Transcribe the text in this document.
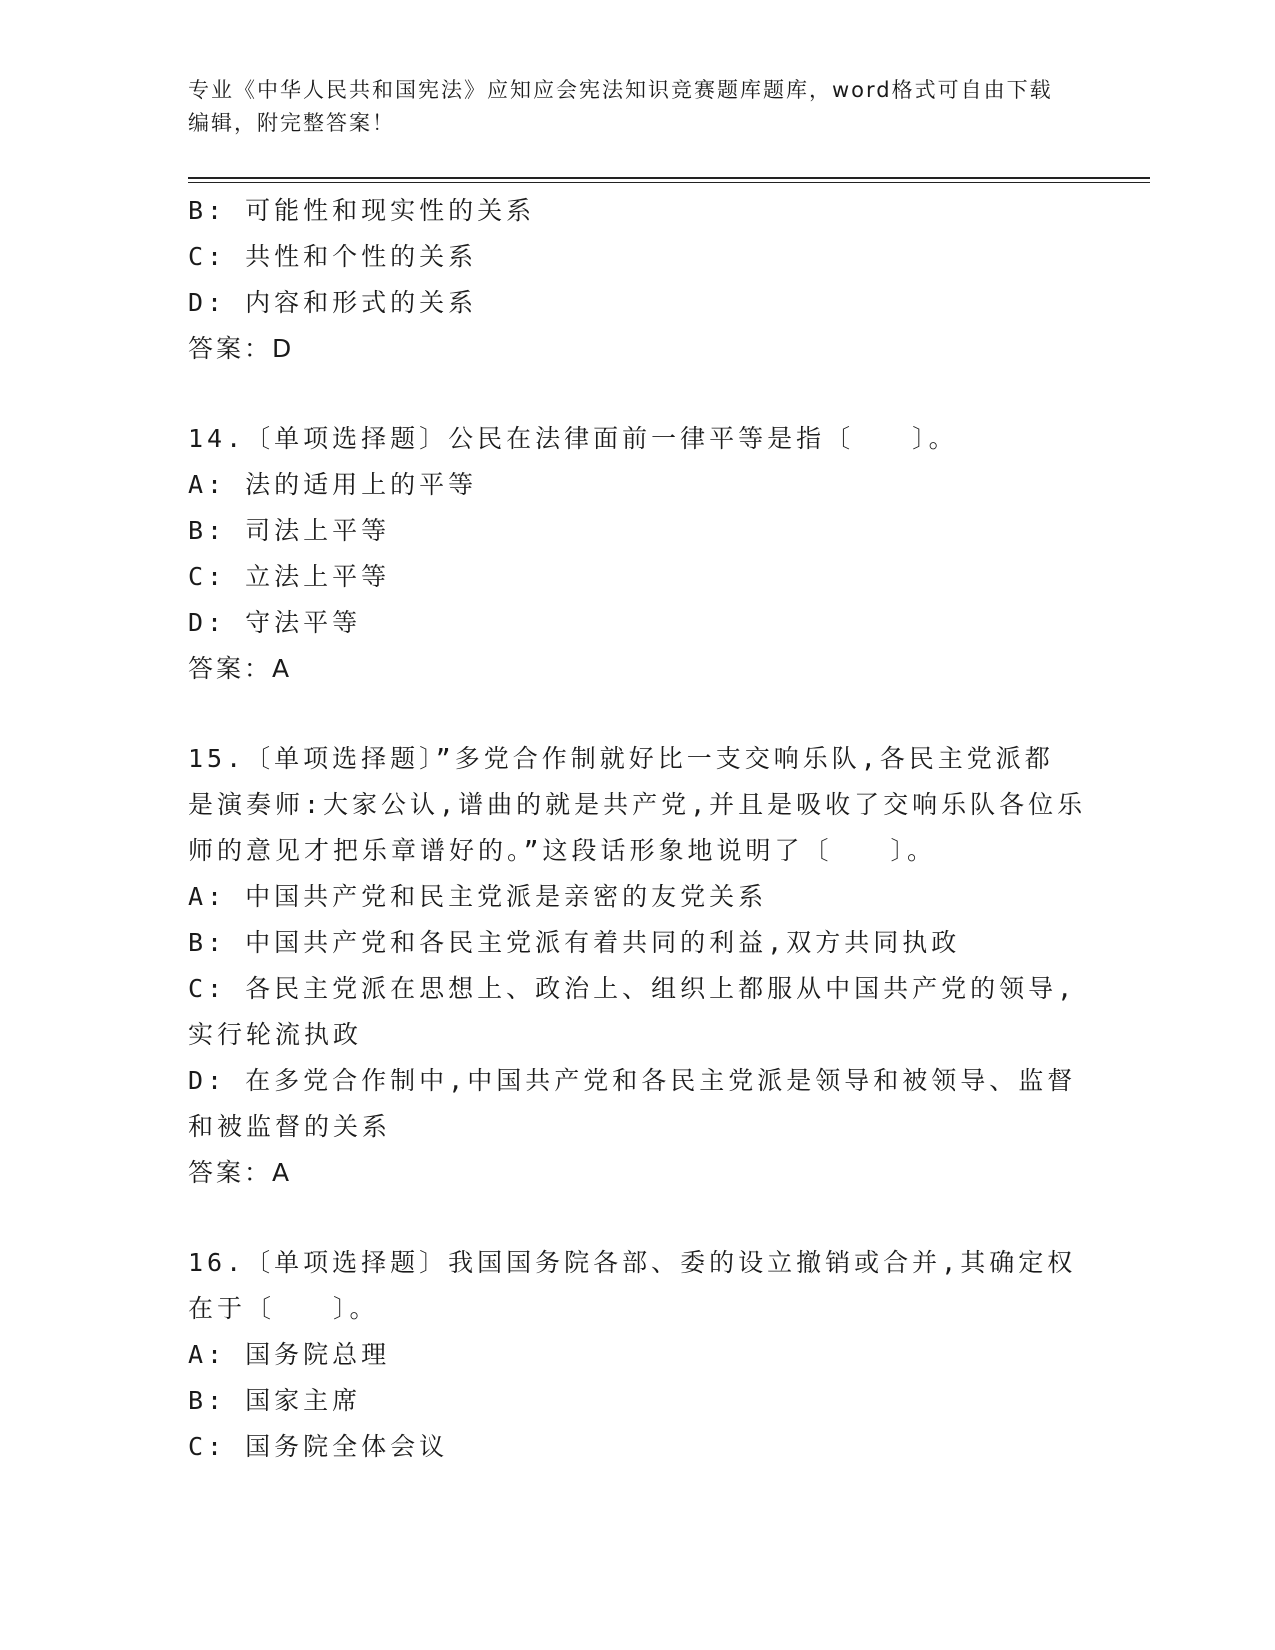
专业《中华人民共和国宪法》应知应会宪法知识竞赛题库题库，word格式可自由下载编辑，附完整答案！
B: 可能性和现实性的关系
C: 共性和个性的关系
D: 内容和形式的关系
答案：D
14.〔单项选择题〕公民在法律面前一律平等是指〔　　〕。
A: 法的适用上的平等
B: 司法上平等
C: 立法上平等
D: 守法平等
答案：A
15.〔单项选择题〕”多党合作制就好比一支交响乐队,各民主党派都
是演奏师:大家公认,谱曲的就是共产党,并且是吸收了交响乐队各位乐
师的意见才把乐章谱好的。”这段话形象地说明了〔　　〕。
A: 中国共产党和民主党派是亲密的友党关系
B: 中国共产党和各民主党派有着共同的利益,双方共同执政
C: 各民主党派在思想上、政治上、组织上都服从中国共产党的领导,
实行轮流执政
D: 在多党合作制中,中国共产党和各民主党派是领导和被领导、监督
和被监督的关系
答案：A
16.〔单项选择题〕我国国务院各部、委的设立撤销或合并,其确定权
在于〔　　〕。
A: 国务院总理
B: 国家主席
C: 国务院全体会议
